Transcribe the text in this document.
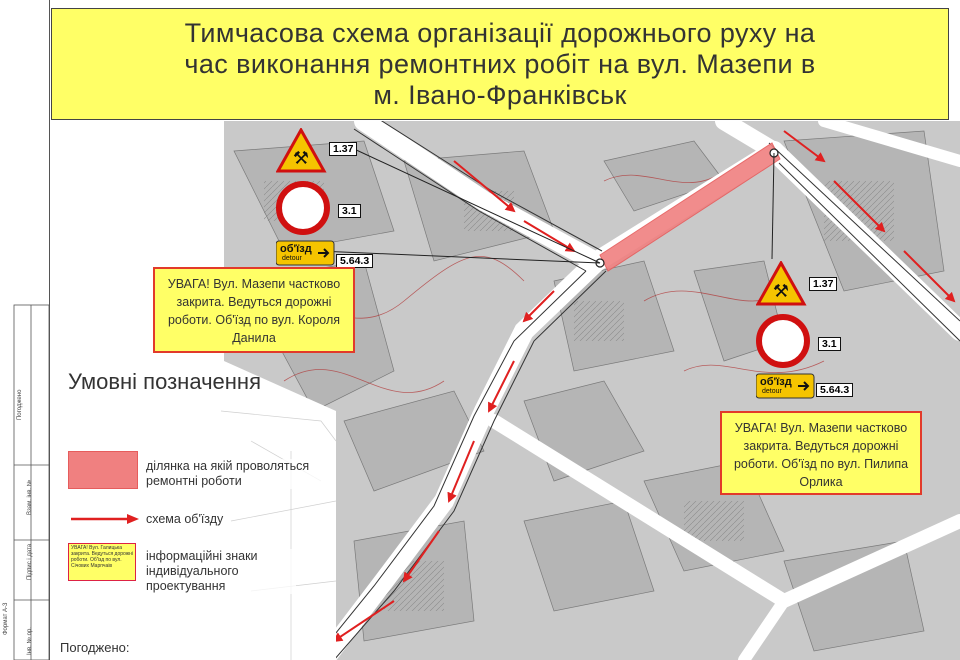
Тимчасова схема організації дорожнього руху на час виконання ремонтних робіт на вул. Мазепи в м. Івано-Франківськ
⚒	1.37
3.1
об'їзд
detour	5.64.3
⚒	1.37
3.1
об'їзд
detour	5.64.3
УВАГА! Вул. Мазепи частково закрита. Ведуться дорожні роботи. Об'їзд по вул. Пилипа Орлика
Умовні позначення
ділянка на якій проволяться ремонтні роботи
схема об'їзду
УВАГА! Вул. Галицька закрита. Ведуться дорожні роботи. Об'їзд по вул. Січових Марпчаів
інформаційні знаки індивідуального проектування
УВАГА! Вул. Мазепи частково закрита. Ведуться дорожні роботи. Об'їзд по вул. Короля Данила
Погоджено
Взам. інв. №
Підпис і дата
Інв. № ор.
Формат А-3
Погоджено:
